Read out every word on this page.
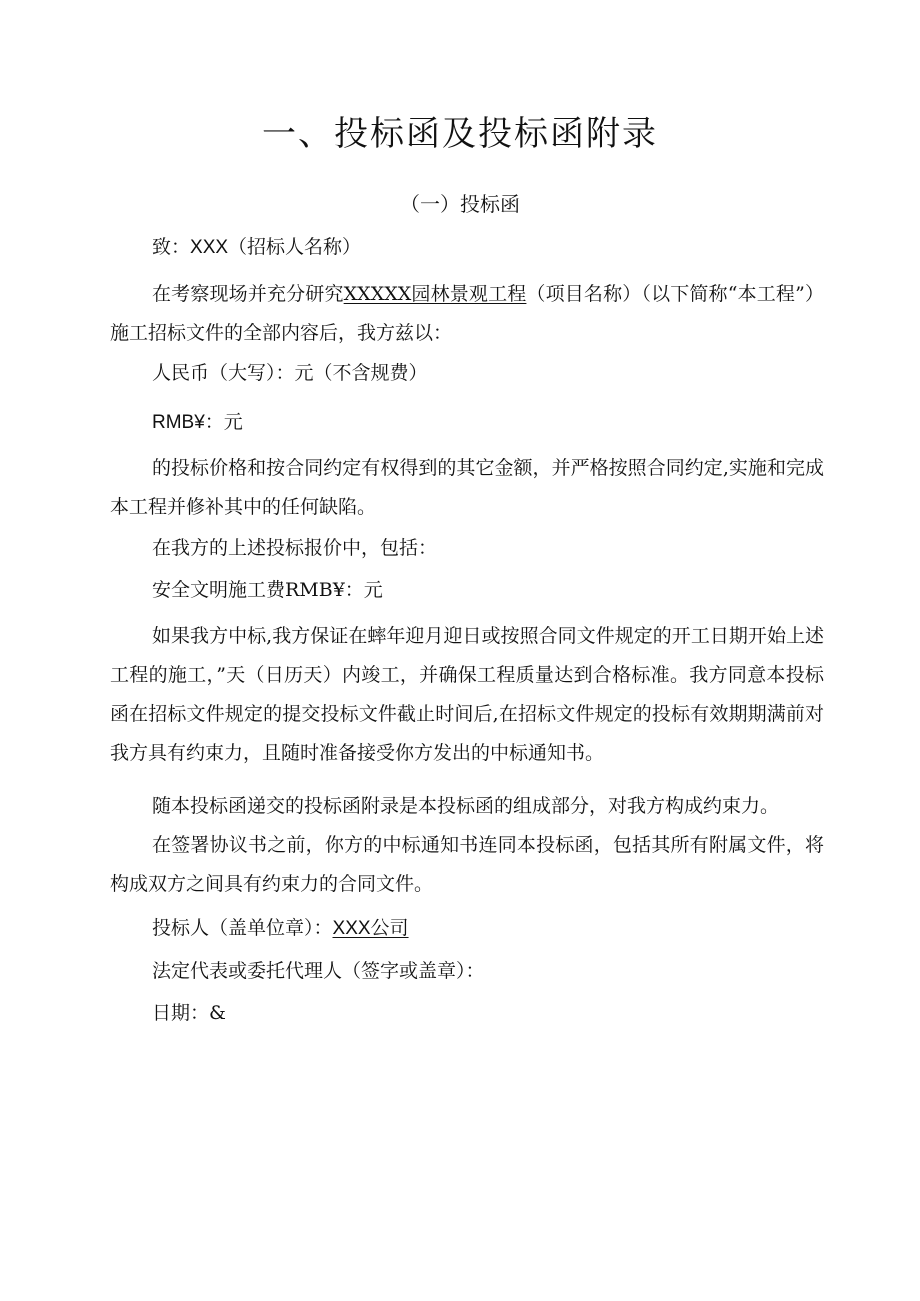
一、投标函及投标函附录
（一）投标函
致：XXX（招标人名称）
在考察现场并充分研究XXXXX园林景观工程（项目名称）（以下简称“本工程”）施工招标文件的全部内容后，我方兹以：
人民币（大写）：元（不含规费）
RMB¥：元
的投标价格和按合同约定有权得到的其它金额，并严格按照合同约定,实施和完成本工程并修补其中的任何缺陷。
在我方的上述投标报价中，包括：
安全文明施工费RMB¥：元
如果我方中标,我方保证在蟀年迎月迎日或按照合同文件规定的开工日期开始上述工程的施工，”天（日历天）内竣工，并确保工程质量达到合格标准。我方同意本投标函在招标文件规定的提交投标文件截止时间后,在招标文件规定的投标有效期期满前对我方具有约束力，且随时准备接受你方发出的中标通知书。
随本投标函递交的投标函附录是本投标函的组成部分，对我方构成约束力。
在签署协议书之前，你方的中标通知书连同本投标函，包括其所有附属文件，将构成双方之间具有约束力的合同文件。
投标人（盖单位章）：XXX公司
法定代表或委托代理人（签字或盖章）：
日期：&
